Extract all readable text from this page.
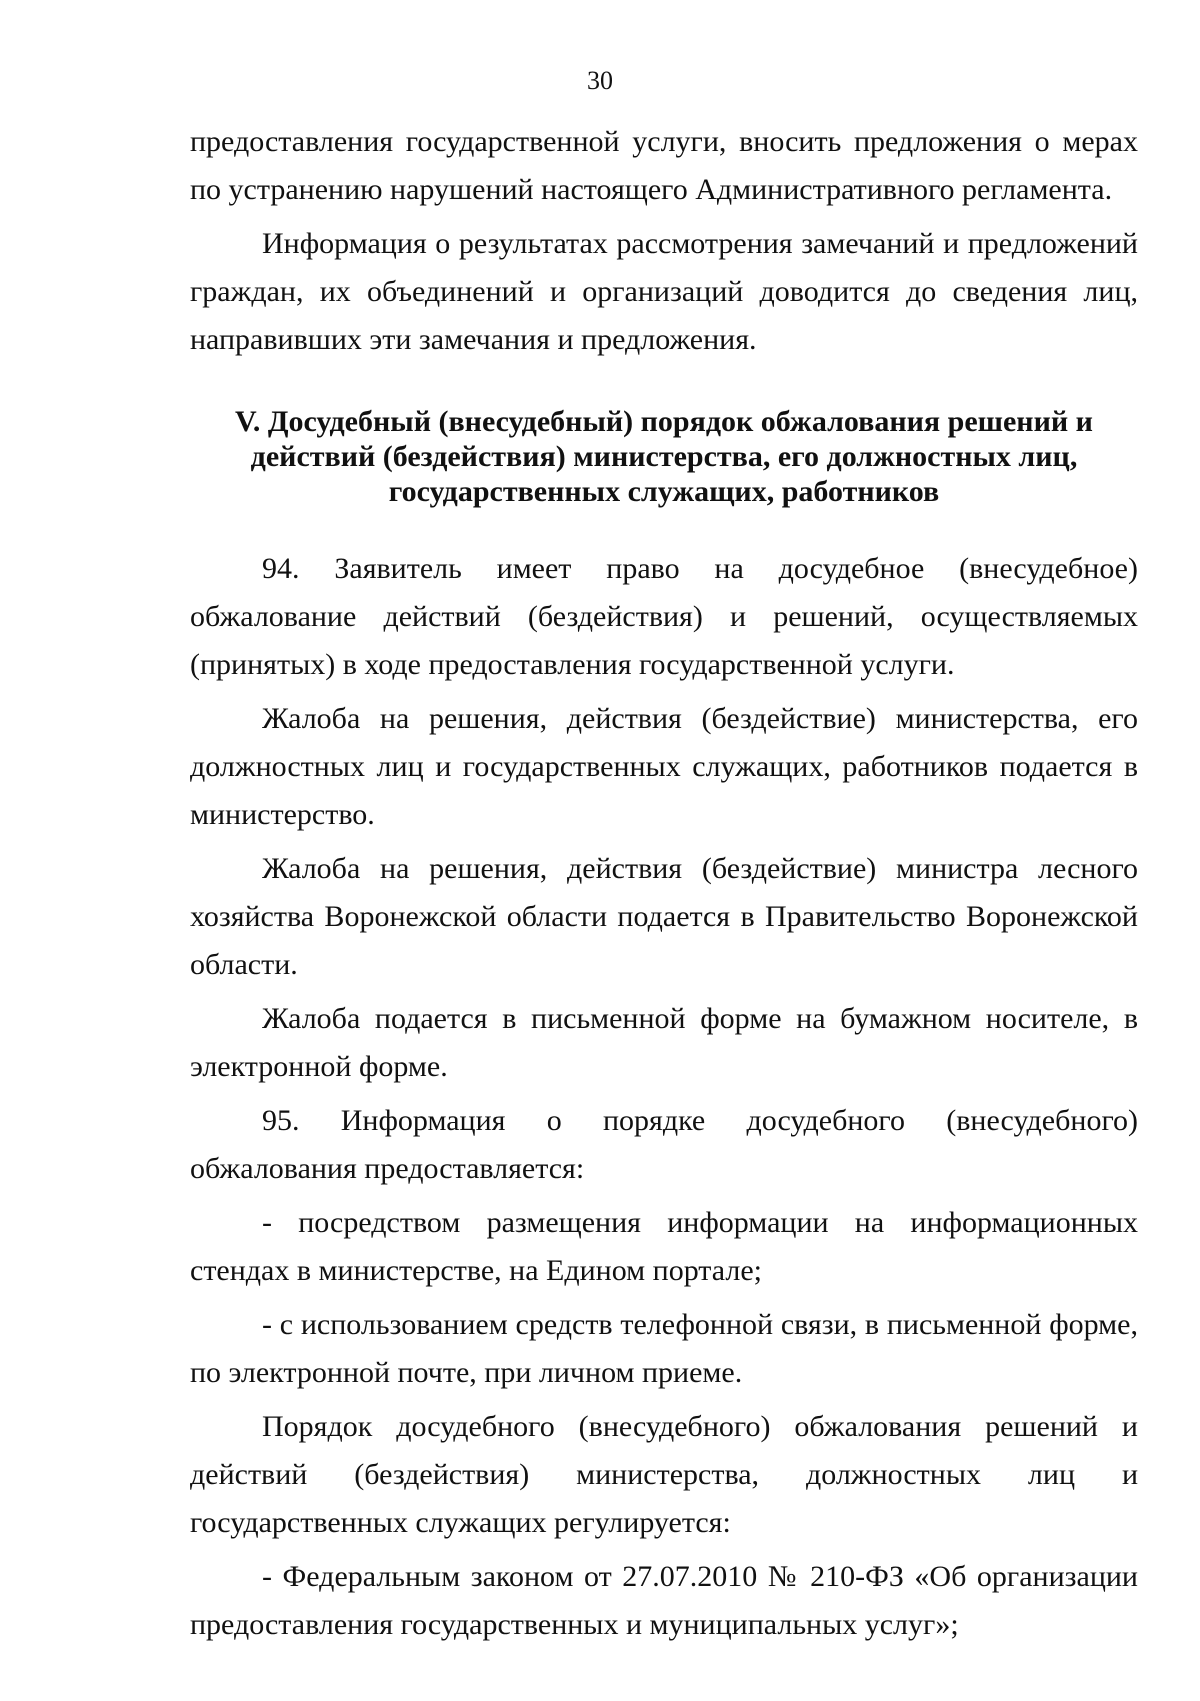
30

предоставления государственной услуги, вносить предложения о мерах по устранению нарушений настоящего Административного регламента.

Информация о результатах рассмотрения замечаний и предложений граждан, их объединений и организаций доводится до сведения лиц, направивших эти замечания и предложения.

V. Досудебный (внесудебный) порядок обжалования решений и действий (бездействия) министерства, его должностных лиц, государственных служащих, работников

94. Заявитель имеет право на досудебное (внесудебное) обжалование действий (бездействия) и решений, осуществляемых (принятых) в ходе предоставления государственной услуги.

Жалоба на решения, действия (бездействие) министерства, его должностных лиц и государственных служащих, работников подается в министерство.

Жалоба на решения, действия (бездействие) министра лесного хозяйства Воронежской области подается в Правительство Воронежской области.

Жалоба подается в письменной форме на бумажном носителе, в электронной форме.

95. Информация о порядке досудебного (внесудебного) обжалования предоставляется:

- посредством размещения информации на информационных стендах в министерстве, на Едином портале;

- с использованием средств телефонной связи, в письменной форме, по электронной почте, при личном приеме.

Порядок досудебного (внесудебного) обжалования решений и действий (бездействия) министерства, должностных лиц и государственных служащих регулируется:

- Федеральным законом от 27.07.2010 № 210-ФЗ «Об организации предоставления государственных и муниципальных услуг»;
